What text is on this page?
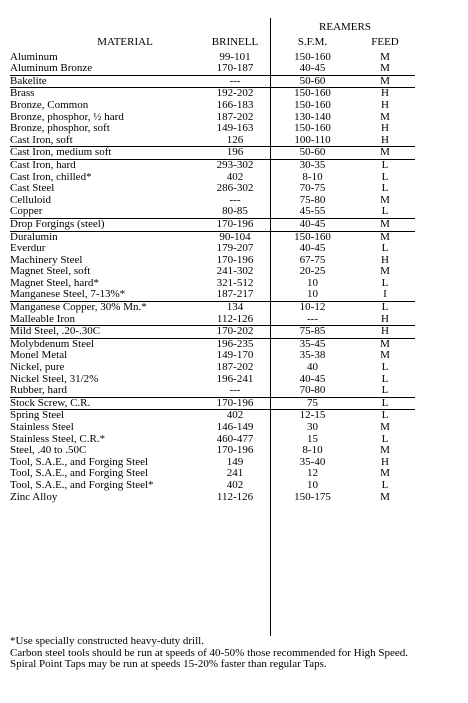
REAMERS
MATERIAL	BRINELL	S.F.M.	FEED
Aluminum	99-101	150-160	M
Aluminum Bronze	170-187	40-45	M
Bakelite	---	50-60	M
Brass	192-202	150-160	H
Bronze, Common	166-183	150-160	H
Bronze, phosphor, ½ hard	187-202	130-140	M
Bronze, phosphor, soft	149-163	150-160	H
Cast Iron, soft	126	100-110	H
Cast Iron, medium soft	196	50-60	M
Cast Iron, hard	293-302	30-35	L
Cast Iron, chilled*	402	8-10	L
Cast Steel	286-302	70-75	L
Celluloid	---	75-80	M
Copper	80-85	45-55	L
Drop Forgings (steel)	170-196	40-45	M
Duralumin	90-104	150-160	M
Everdur	179-207	40-45	L
Machinery Steel	170-196	67-75	H
Magnet Steel, soft	241-302	20-25	M
Magnet Steel, hard*	321-512	10	L
Manganese Steel, 7-13%*	187-217	10	I
Manganese Copper, 30% Mn.*	134	10-12	L
Malleable Iron	112-126	---	H
Mild Steel, .20-.30C	170-202	75-85	H
Molybdenum Steel	196-235	35-45	M
Monel Metal	149-170	35-38	M
Nickel, pure	187-202	40	L
Nickel Steel, 31/2%	196-241	40-45	L
Rubber, hard	---	70-80	L
Stock Screw, C.R.	170-196	75	L
Spring Steel	402	12-15	L
Stainless Steel	146-149	30	M
Stainless Steel, C.R.*	460-477	15	L
Steel, .40 to .50C	170-196	8-10	M
Tool, S.A.E., and Forging Steel	149	35-40	H
Tool, S.A.E., and Forging Steel	241	12	M
Tool, S.A.E., and Forging Steel*	402	10	L
Zinc Alloy	112-126	150-175	M
*Use specially constructed heavy-duty drill.
Carbon steel tools should be run at speeds of 40-50% those recommended for High Speed.
Spiral Point Taps may be run at speeds 15-20% faster than regular Taps.
